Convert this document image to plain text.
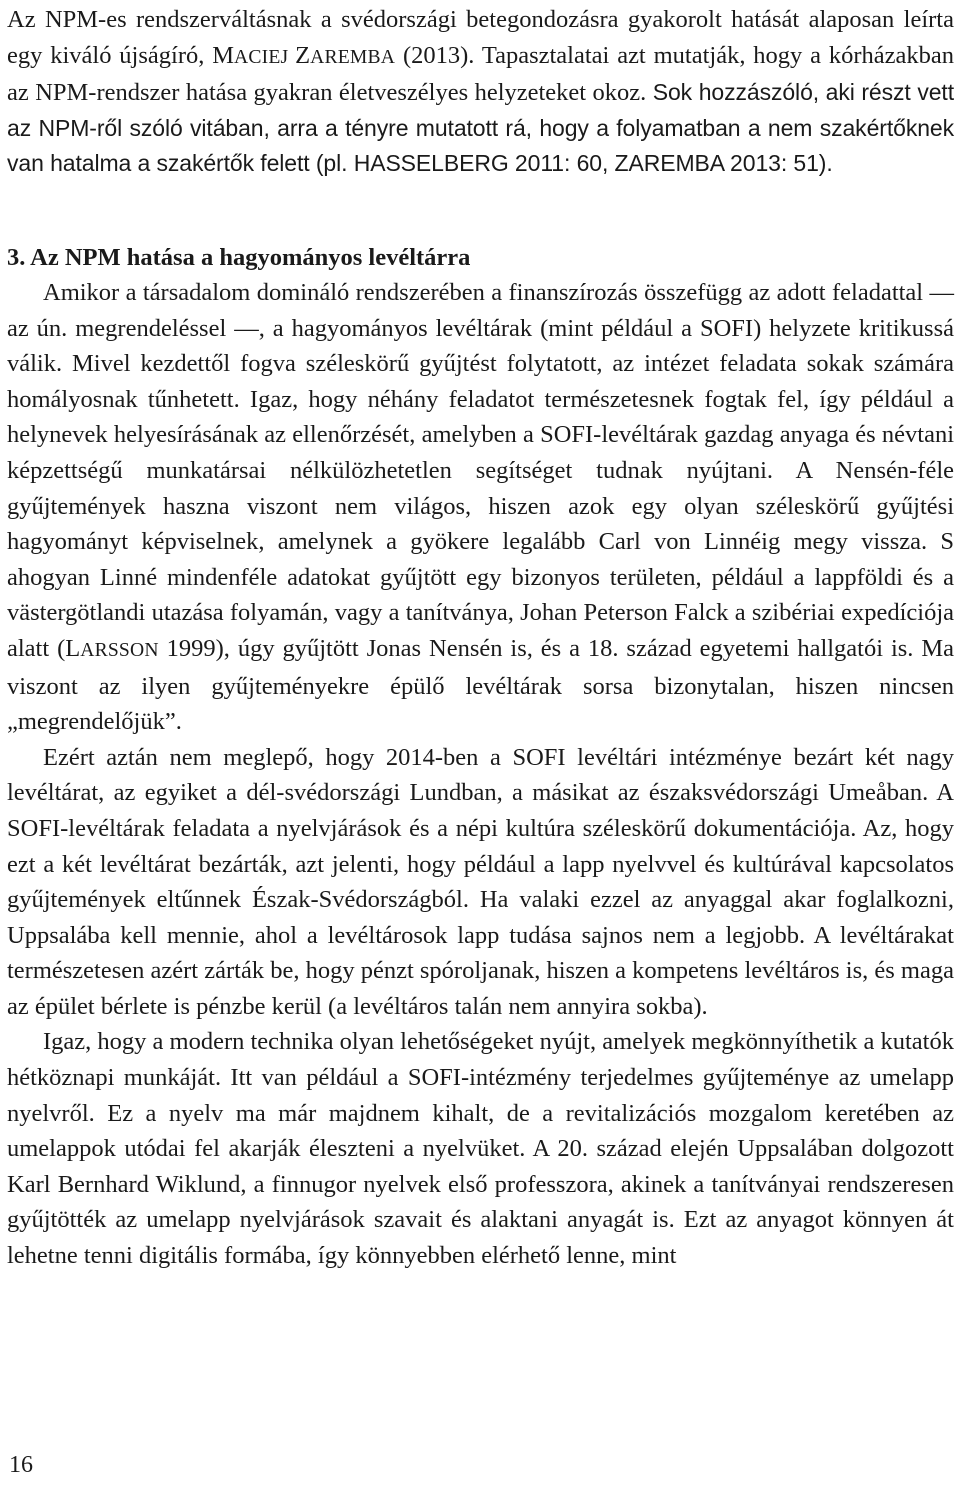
Az NPM-es rendszerváltásnak a svédországi betegondozásra gyakorolt hatását alaposan leírta egy kiváló újságíró, MACIEJ ZAREMBA (2013). Tapasztalatai azt mutatják, hogy a kórházakban az NPM-rendszer hatása gyakran életveszélyes helyzeteket okoz. Sok hozzászóló, aki részt vett az NPM-ről szóló vitában, arra a tényre mutatott rá, hogy a folyamatban a nem szakértőknek van hatalma a szakértők felett (pl. HASSELBERG 2011: 60, ZAREMBA 2013: 51).

3. Az NPM hatása a hagyományos levéltárra

Amikor a társadalom domináló rendszerében a finanszírozás összefügg az adott feladattal — az ún. megrendeléssel —, a hagyományos levéltárak (mint például a SOFI) helyzete kritikussá válik. Mivel kezdettől fogva széleskörű gyűjtést folytatott, az intézet feladata sokak számára homályosnak tűnhetett. Igaz, hogy néhány feladatot természetesnek fogtak fel, így például a helynevek helyesírásának az ellenőrzését, amelyben a SOFI-levéltárak gazdag anyaga és névtani képzettségű munkatársai nélkülözhetetlen segítséget tudnak nyújtani. A Nensén-féle gyűjtemények haszna viszont nem világos, hiszen azok egy olyan széleskörű gyűjtési hagyományt képviselnek, amelynek a gyökere legalább Carl von Linnéig megy vissza. S ahogyan Linné mindenféle adatokat gyűjtött egy bizonyos területen, például a lappföldi és a västergötlandi utazása folyamán, vagy a tanítványa, Johan Peterson Falck a szibériai expedíciója alatt (LARSSON 1999), úgy gyűjtött Jonas Nensén is, és a 18. század egyetemi hallgatói is. Ma viszont az ilyen gyűjteményekre épülő levéltárak sorsa bizonytalan, hiszen nincsen „megrendelőjük”.

Ezért aztán nem meglepő, hogy 2014-ben a SOFI levéltári intézménye bezárt két nagy levéltárat, az egyiket a dél-svédországi Lundban, a másikat az északsvédországi Umeåban. A SOFI-levéltárak feladata a nyelvjárások és a népi kultúra széleskörű dokumentációja. Az, hogy ezt a két levéltárat bezárták, azt jelenti, hogy például a lapp nyelvvel és kultúrával kapcsolatos gyűjtemények eltűnnek Észak-Svédországból. Ha valaki ezzel az anyaggal akar foglalkozni, Uppsalába kell mennie, ahol a levéltárosok lapp tudása sajnos nem a legjobb. A levéltárakat természetesen azért zárták be, hogy pénzt spóroljanak, hiszen a kompetens levéltáros is, és maga az épület bérlete is pénzbe kerül (a levéltáros talán nem annyira sokba).

Igaz, hogy a modern technika olyan lehetőségeket nyújt, amelyek megkönnyíthetik a kutatók hétköznapi munkáját. Itt van például a SOFI-intézmény terjedelmes gyűjteménye az umelapp nyelvről. Ez a nyelv ma már majdnem kihalt, de a revitalizációs mozgalom keretében az umelappok utódai fel akarják éleszteni a nyelvüket. A 20. század elején Uppsalában dolgozott Karl Bernhard Wiklund, a finnugor nyelvek első professzora, akinek a tanítványai rendszeresen gyűjtötték az umelapp nyelvjárások szavait és alaktani anyagát is. Ezt az anyagot könnyen át lehetne tenni digitális formába, így könnyebben elérhető lenne, mint

16
